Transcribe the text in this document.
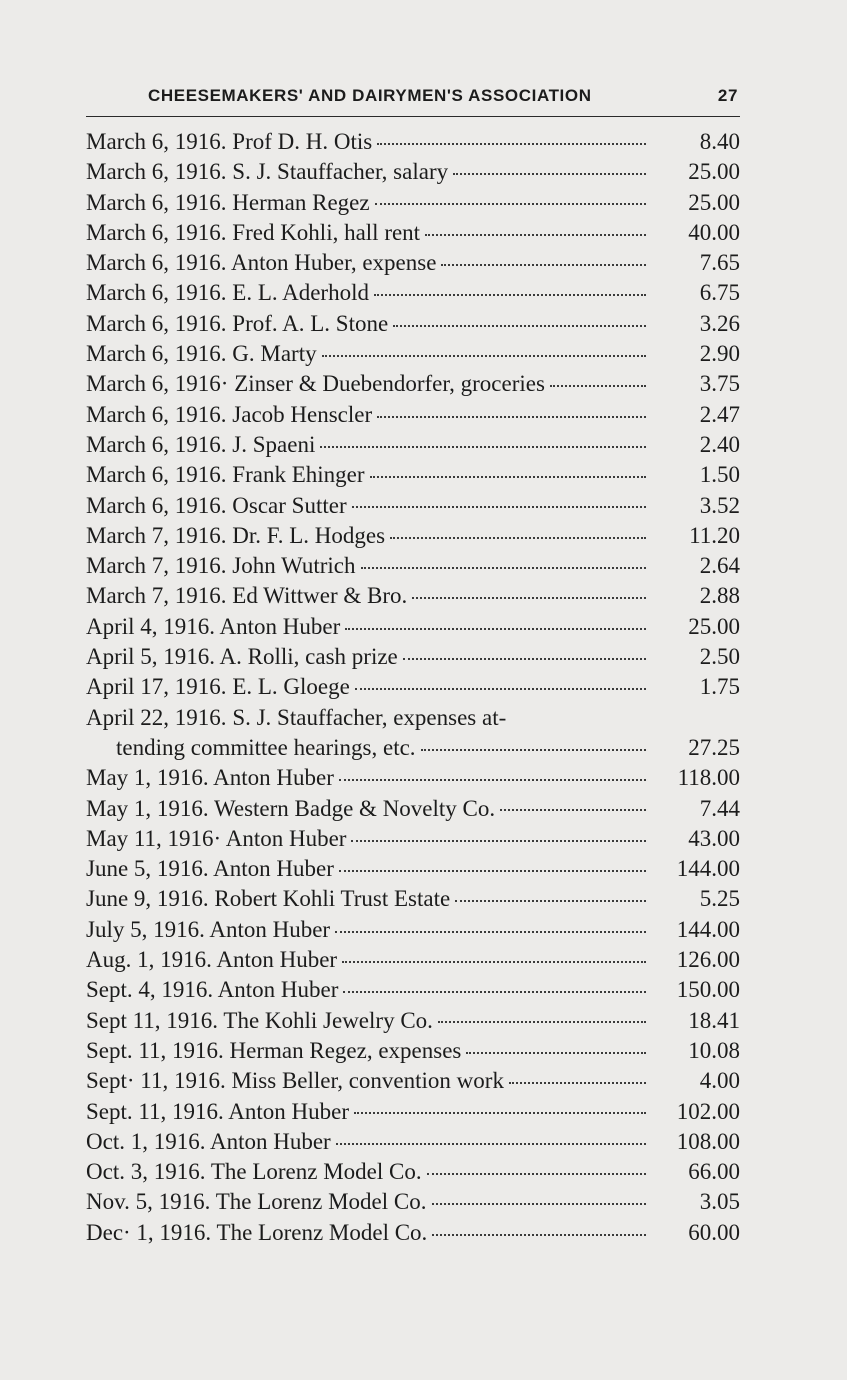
CHEESEMAKERS' AND DAIRYMEN'S ASSOCIATION	27
March 6, 1916. Prof D. H. Otis	8.40
March 6, 1916. S. J. Stauffacher, salary	25.00
March 6, 1916. Herman Regez	25.00
March 6, 1916. Fred Kohli, hall rent	40.00
March 6, 1916. Anton Huber, expense	7.65
March 6, 1916. E. L. Aderhold	6.75
March 6, 1916. Prof. A. L. Stone	3.26
March 6, 1916. G. Marty	2.90
March 6, 1916· Zinser & Duebendorfer, groceries	3.75
March 6, 1916. Jacob Henscler	2.47
March 6, 1916. J. Spaeni	2.40
March 6, 1916. Frank Ehinger	1.50
March 6, 1916. Oscar Sutter	3.52
March 7, 1916. Dr. F. L. Hodges	11.20
March 7, 1916. John Wutrich	2.64
March 7, 1916. Ed Wittwer & Bro.	2.88
April 4, 1916. Anton Huber	25.00
April 5, 1916. A. Rolli, cash prize	2.50
April 17, 1916. E. L. Gloege	1.75
April 22, 1916. S. J. Stauffacher, expenses at-
tending committee hearings, etc.	27.25
May 1, 1916. Anton Huber	118.00
May 1, 1916. Western Badge & Novelty Co.	7.44
May 11, 1916· Anton Huber	43.00
June 5, 1916. Anton Huber	144.00
June 9, 1916. Robert Kohli Trust Estate	5.25
July 5, 1916. Anton Huber	144.00
Aug. 1, 1916. Anton Huber	126.00
Sept. 4, 1916. Anton Huber	150.00
Sept 11, 1916. The Kohli Jewelry Co.	18.41
Sept. 11, 1916. Herman Regez, expenses	10.08
Sept· 11, 1916. Miss Beller, convention work	4.00
Sept. 11, 1916. Anton Huber	102.00
Oct. 1, 1916. Anton Huber	108.00
Oct. 3, 1916. The Lorenz Model Co.	66.00
Nov. 5, 1916. The Lorenz Model Co.	3.05
Dec· 1, 1916. The Lorenz Model Co.	60.00
